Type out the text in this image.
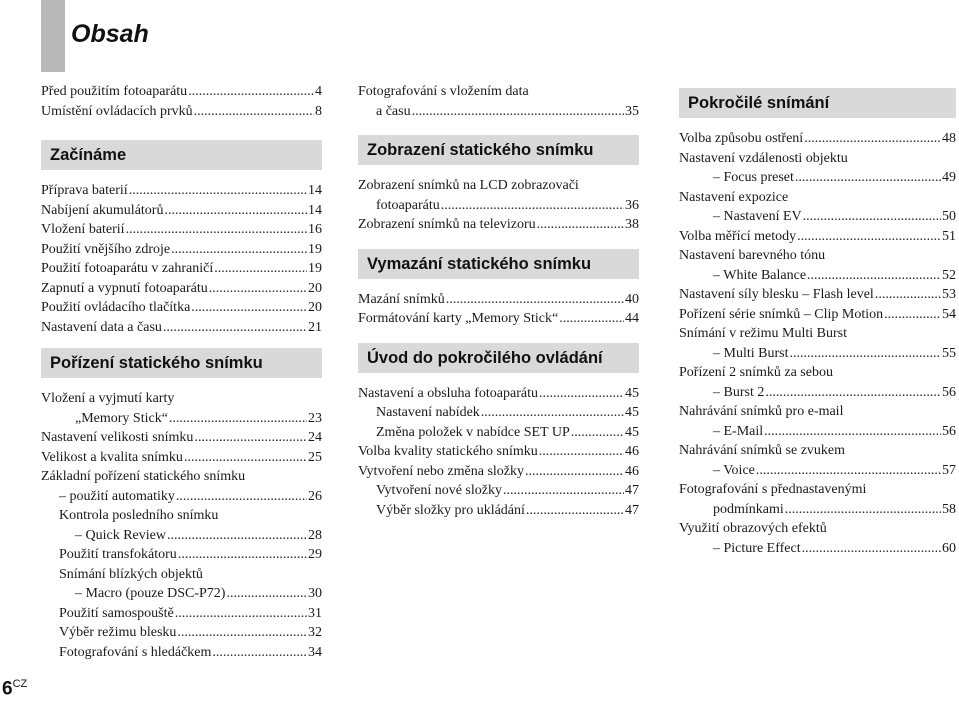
Obsah
Před použitím fotoaparátu .....	4
Umístění ovládacích prvků .....	8
Začínáme
Příprava baterií .....	14
Nabíjení akumulátorů .....	14
Vložení baterií .....	16
Použití vnějšího zdroje .....	19
Použití fotoaparátu v zahraničí .....	19
Zapnutí a vypnutí fotoaparátu .....	20
Použití ovládacího tlačítka .....	20
Nastavení data a času .....	21
Pořízení statického snímku
Vložení a vyjmutí karty
„Memory Stick“ .....	23
Nastavení velikosti snímku .....	24
Velikost a kvalita snímku .....	25
Základní pořízení statického snímku
– použití automatiky .....	26
Kontrola posledního snímku
– Quick Review .....	28
Použití transfokátoru .....	29
Snímání blízkých objektů
– Macro (pouze DSC-P72) .....	30
Použití samospouště .....	31
Výběr režimu blesku .....	32
Fotografování s hledáčkem .....	34
Fotografování s vložením data
a času .....	35
Zobrazení statického snímku
Zobrazení snímků na LCD zobrazovači
fotoaparátu .....	36
Zobrazení snímků na televizoru .....	38
Vymazání statického snímku
Mazání snímků .....	40
Formátování karty „Memory Stick“ .....	44
Úvod do pokročilého ovládání
Nastavení a obsluha fotoaparátu .....	45
Nastavení nabídek .....	45
Změna položek v nabídce SET UP .....	45
Volba kvality statického snímku .....	46
Vytvoření nebo změna složky .....	46
Vytvoření nové složky .....	47
Výběr složky pro ukládání .....	47
Pokročilé snímání
Volba způsobu ostření .....	48
Nastavení vzdálenosti objektu
– Focus preset .....	49
Nastavení expozice
– Nastavení EV .....	50
Volba měřící metody .....	51
Nastavení barevného tónu
– White Balance .....	52
Nastavení síly blesku – Flash level .....	53
Pořízení série snímků – Clip Motion .....	54
Snímání v režimu Multi Burst
– Multi Burst .....	55
Pořízení 2 snímků za sebou
– Burst 2 .....	56
Nahrávání snímků pro e-mail
– E-Mail .....	56
Nahrávání snímků se zvukem
– Voice .....	57
Fotografování s přednastavenými
podmínkami .....	58
Využití obrazových efektů
– Picture Effect .....	60
$6^{CZ}$
